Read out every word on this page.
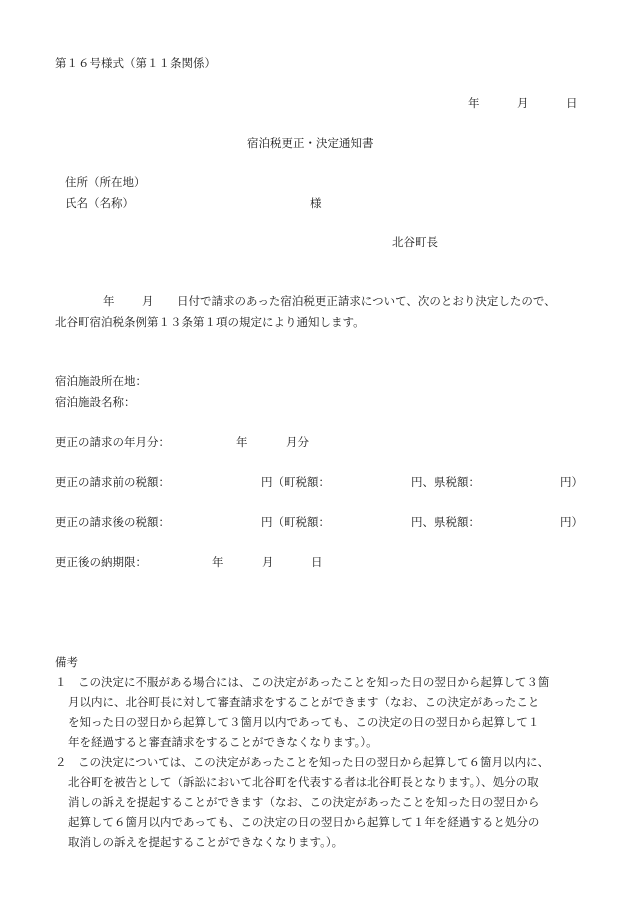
第１６号様式（第１１条関係）
年	月	日
宿泊税更正・決定通知書
住所（所在地）
氏名（名称）	様
北谷町長
年 月 日付で請求のあった宿泊税更正請求について、次のとおり決定したので、
北谷町宿泊税条例第１３条第１項の規定により通知します。
宿泊施設所在地：
宿泊施設名称：
更正の請求の年月分：	年	月分
更正の請求前の税額：	円（町税額：	円、県税額：	円）
更正の請求後の税額：	円（町税額：	円、県税額：	円）
更正後の納期限：	年	月	日
備考
１ この決定に不服がある場合には、この決定があったことを知った日の翌日から起算して３箇
月以内に、北谷町長に対して審査請求をすることができます（なお、この決定があったこと
を知った日の翌日から起算して３箇月以内であっても、この決定の日の翌日から起算して１
年を経過すると審査請求をすることができなくなります。）。
２ この決定については、この決定があったことを知った日の翌日から起算して６箇月以内に、
北谷町を被告として（訴訟において北谷町を代表する者は北谷町長となります。）、処分の取
消しの訴えを提起することができます（なお、この決定があったことを知った日の翌日から
起算して６箇月以内であっても、この決定の日の翌日から起算して１年を経過すると処分の
取消しの訴えを提起することができなくなります。）。
